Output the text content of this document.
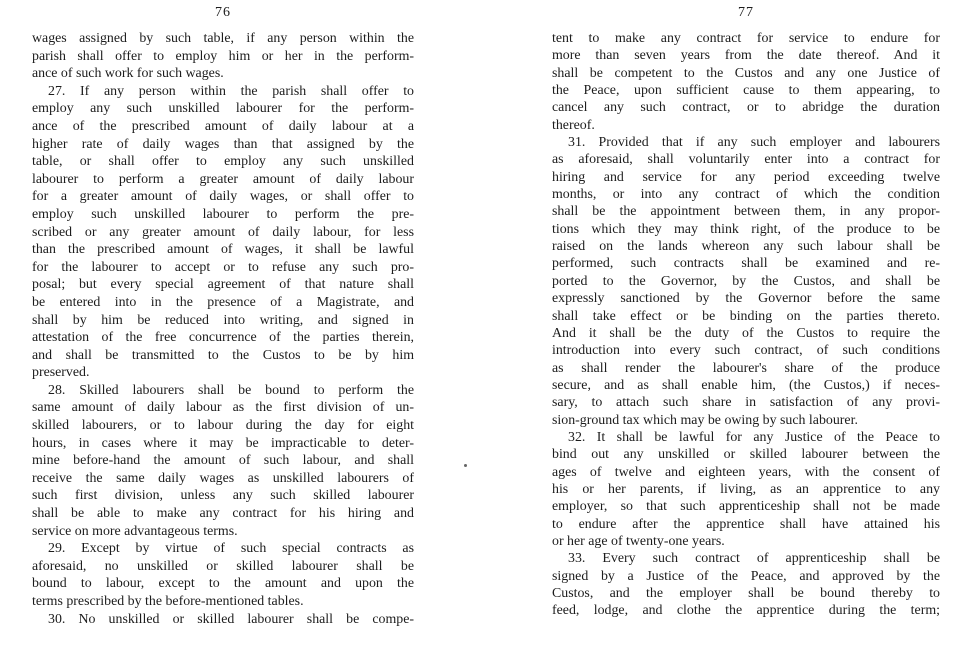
76
wages assigned by such table, if any person within the
parish shall offer to employ him or her in the perform-
ance of such work for such wages.
27. If any person within the parish shall offer to
employ any such unskilled labourer for the perform-
ance of the prescribed amount of daily labour at a
higher rate of daily wages than that assigned by the
table, or shall offer to employ any such unskilled
labourer to perform a greater amount of daily labour
for a greater amount of daily wages, or shall offer to
employ such unskilled labourer to perform the pre-
scribed or any greater amount of daily labour, for less
than the prescribed amount of wages, it shall be lawful
for the labourer to accept or to refuse any such pro-
posal; but every special agreement of that nature shall
be entered into in the presence of a Magistrate, and
shall by him be reduced into writing, and signed in
attestation of the free concurrence of the parties therein,
and shall be transmitted to the Custos to be by him
preserved.
28. Skilled labourers shall be bound to perform the
same amount of daily labour as the first division of un-
skilled labourers, or to labour during the day for eight
hours, in cases where it may be impracticable to deter-
mine before-hand the amount of such labour, and shall
receive the same daily wages as unskilled labourers of
such first division, unless any such skilled labourer
shall be able to make any contract for his hiring and
service on more advantageous terms.
29. Except by virtue of such special contracts as
aforesaid, no unskilled or skilled labourer shall be
bound to labour, except to the amount and upon the
terms prescribed by the before-mentioned tables.
30. No unskilled or skilled labourer shall be compe-
77
tent to make any contract for service to endure for
more than seven years from the date thereof. And it
shall be competent to the Custos and any one Justice of
the Peace, upon sufficient cause to them appearing, to
cancel any such contract, or to abridge the duration
thereof.
31. Provided that if any such employer and labourers
as aforesaid, shall voluntarily enter into a contract for
hiring and service for any period exceeding twelve
months, or into any contract of which the condition
shall be the appointment between them, in any propor-
tions which they may think right, of the produce to be
raised on the lands whereon any such labour shall be
performed, such contracts shall be examined and re-
ported to the Governor, by the Custos, and shall be
expressly sanctioned by the Governor before the same
shall take effect or be binding on the parties thereto.
And it shall be the duty of the Custos to require the
introduction into every such contract, of such conditions
as shall render the labourer's share of the produce
secure, and as shall enable him, (the Custos,) if neces-
sary, to attach such share in satisfaction of any provi-
sion-ground tax which may be owing by such labourer.
32. It shall be lawful for any Justice of the Peace to
bind out any unskilled or skilled labourer between the
ages of twelve and eighteen years, with the consent of
his or her parents, if living, as an apprentice to any
employer, so that such apprenticeship shall not be made
to endure after the apprentice shall have attained his
or her age of twenty-one years.
33. Every such contract of apprenticeship shall be
signed by a Justice of the Peace, and approved by the
Custos, and the employer shall be bound thereby to
feed, lodge, and clothe the apprentice during the term;
